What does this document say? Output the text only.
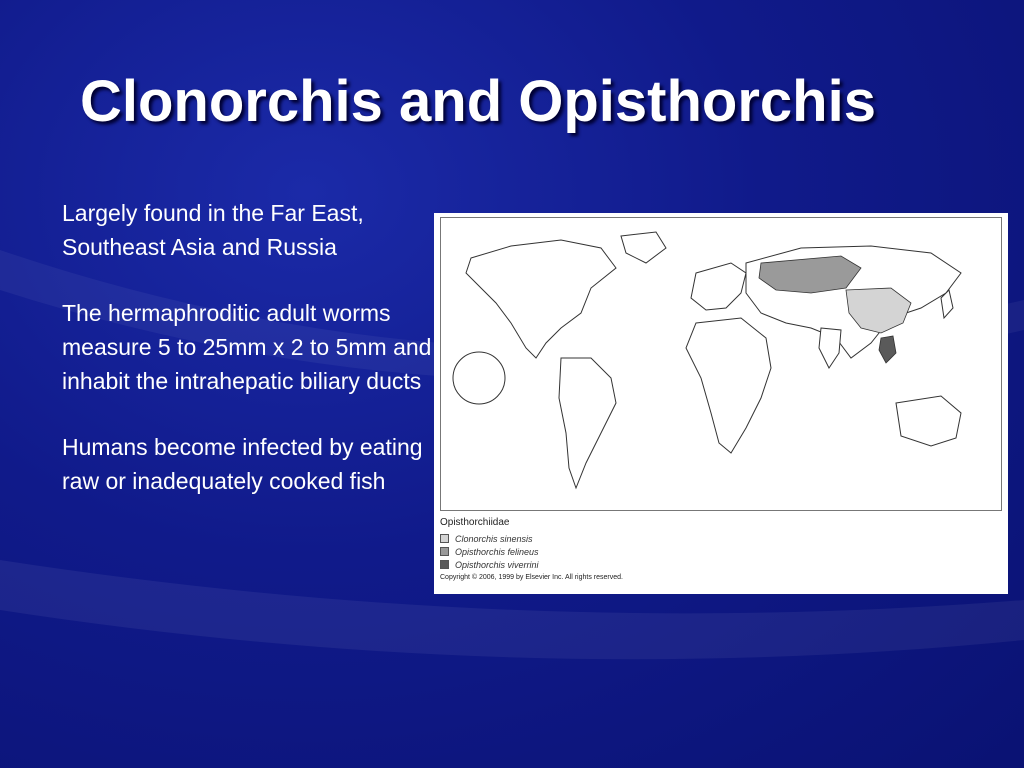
Clonorchis and Opisthorchis
Largely found in the Far East, Southeast Asia and Russia
The hermaphroditic adult worms measure 5 to 25mm x 2 to 5mm and inhabit the intrahepatic biliary ducts
Humans become infected by eating raw or inadequately cooked fish
Opisthorchiidae
Clonorchis sinensis
Opisthorchis felineus
Opisthorchis viverrini
Copyright © 2006, 1999 by Elsevier Inc. All rights reserved.
